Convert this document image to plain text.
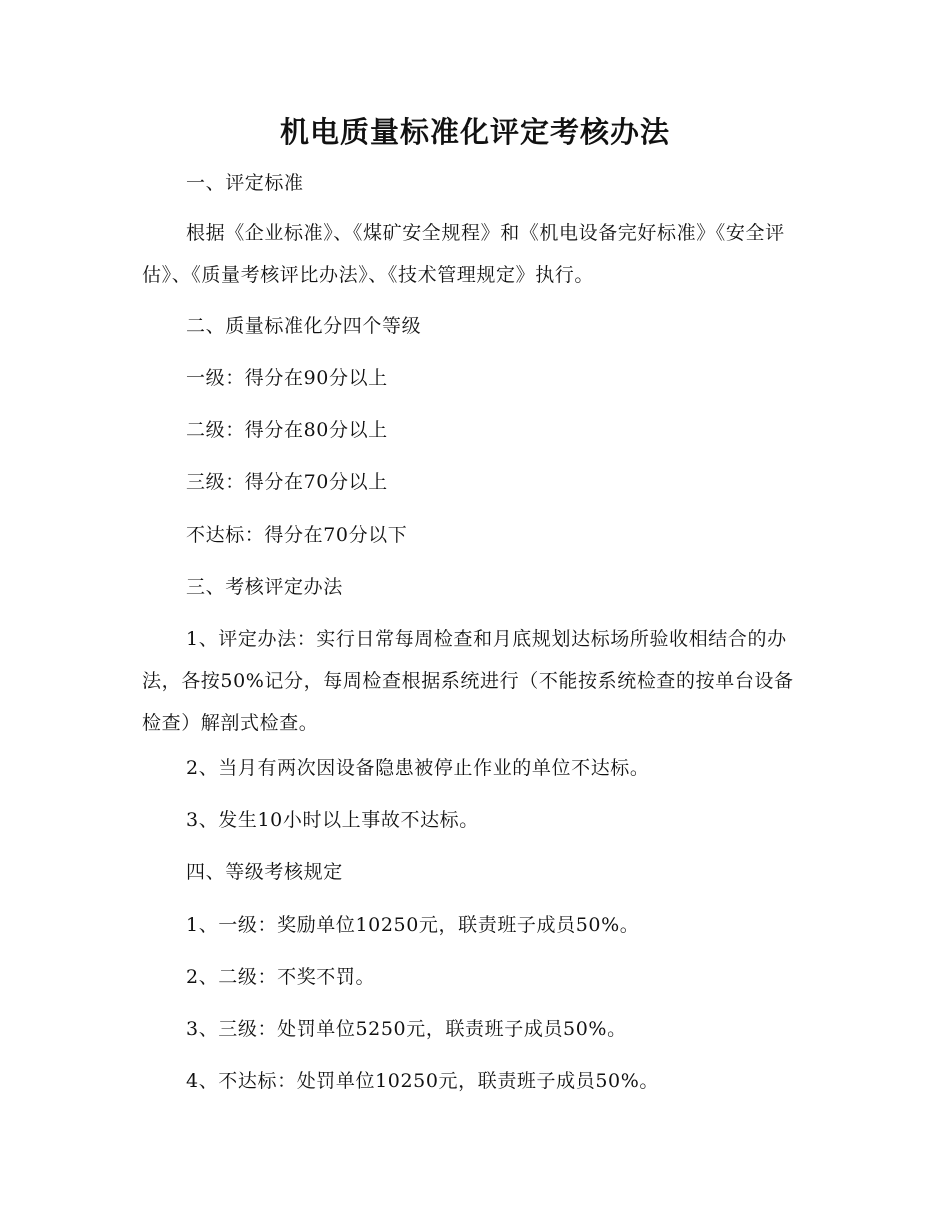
机电质量标准化评定考核办法

一、评定标准

根据《企业标准》、《煤矿安全规程》和《机电设备完好标准》《安全评估》、《质量考核评比办法》、《技术管理规定》执行。

二、质量标准化分四个等级

一级：得分在90分以上

二级：得分在80分以上

三级：得分在70分以上

不达标：得分在70分以下

三、考核评定办法

1、评定办法：实行日常每周检查和月底规划达标场所验收相结合的办法，各按50%记分，每周检查根据系统进行（不能按系统检查的按单台设备检查）解剖式检查。

2、当月有两次因设备隐患被停止作业的单位不达标。

3、发生10小时以上事故不达标。

四、等级考核规定

1、一级：奖励单位10250元，联责班子成员50%。

2、二级：不奖不罚。

3、三级：处罚单位5250元，联责班子成员50%。

4、不达标：处罚单位10250元，联责班子成员50%。
